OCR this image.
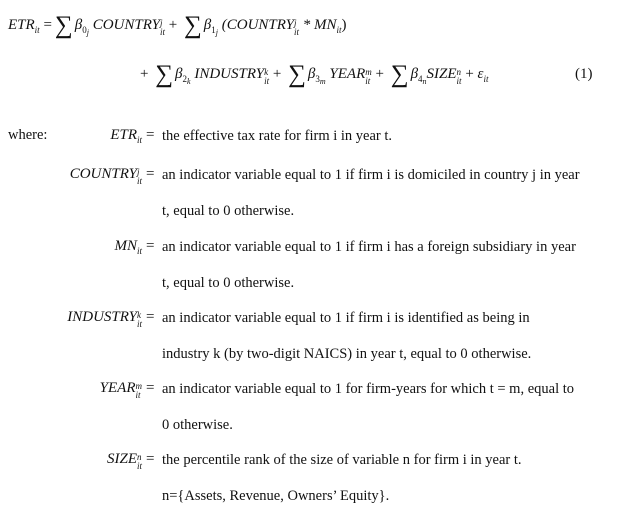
$ETR_{it}$ = ∑ $\beta_{0_j}$ COUNTRY j
it + ∑ $\beta_{1_j}$ (COUNTRY j
it * $MN_{it}$)
+ ∑ $\beta_{2_k}$ INDUSTRY k
it + ∑ $\beta_{3_m}$ YEAR m
it + ∑ $\beta_{4_n}SIZE$ n
it + $\varepsilon_{it}$	(1)
where:	$ETR_{it}$ = the effective tax rate for firm i in year t.
COUNTRY j
it = an indicator variable equal to 1 if firm i is domiciled in country j in year
t, equal to 0 otherwise.
$MN_{it}$ = an indicator variable equal to 1 if firm i has a foreign subsidiary in year
t, equal to 0 otherwise.
INDUSTRY k
it = an indicator variable equal to 1 if firm i is identified as being in
industry k (by two-digit NAICS) in year t, equal to 0 otherwise.
YEAR m
it = an indicator variable equal to 1 for firm-years for which t = m, equal to
0 otherwise.
SIZE n
it = the percentile rank of the size of variable n for firm i in year t.
n={Assets, Revenue, Owners’ Equity}.
